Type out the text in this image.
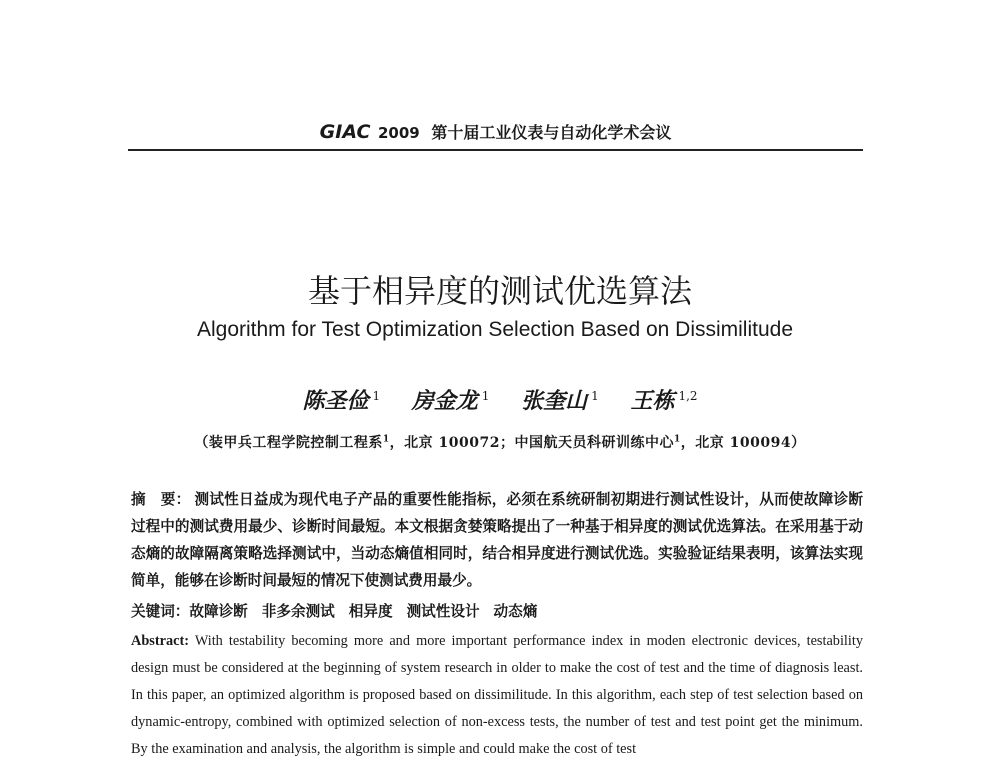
GIAC 2009 第十届工业仪表与自动化学术会议
基于相异度的测试优选算法
Algorithm for Test Optimization Selection Based on Dissimilitude
陈圣俭 $^1$ 房金龙 $^1$ 张奎山 $^1$ 王栋 $^{1,2}$
（装甲兵工程学院控制工程系$^1$，北京 100072；中国航天员科研训练中心$^1$，北京 100094）
摘　要： 测试性日益成为现代电子产品的重要性能指标，必须在系统研制初期进行测试性设计，从而使故障诊断过程中的测试费用最少、诊断时间最短。本文根据贪婪策略提出了一种基于相异度的测试优选算法。在采用基于动态熵的故障隔离策略选择测试中，当动态熵值相同时，结合相异度进行测试优选。实验验证结果表明，该算法实现简单，能够在诊断时间最短的情况下使测试费用最少。
关键词：故障诊断 非多余测试 相异度 测试性设计 动态熵
Abstract: With testability becoming more and more important performance index in moden electronic devices, testability design must be considered at the beginning of system research in older to make the cost of test and the time of diagnosis least. In this paper, an optimized algorithm is proposed based on dissimilitude. In this algorithm, each step of test selection based on dynamic-entropy, combined with optimized selection of non-excess tests, the number of test and test point get the minimum. By the examination and analysis, the algorithm is simple and could make the cost of test
